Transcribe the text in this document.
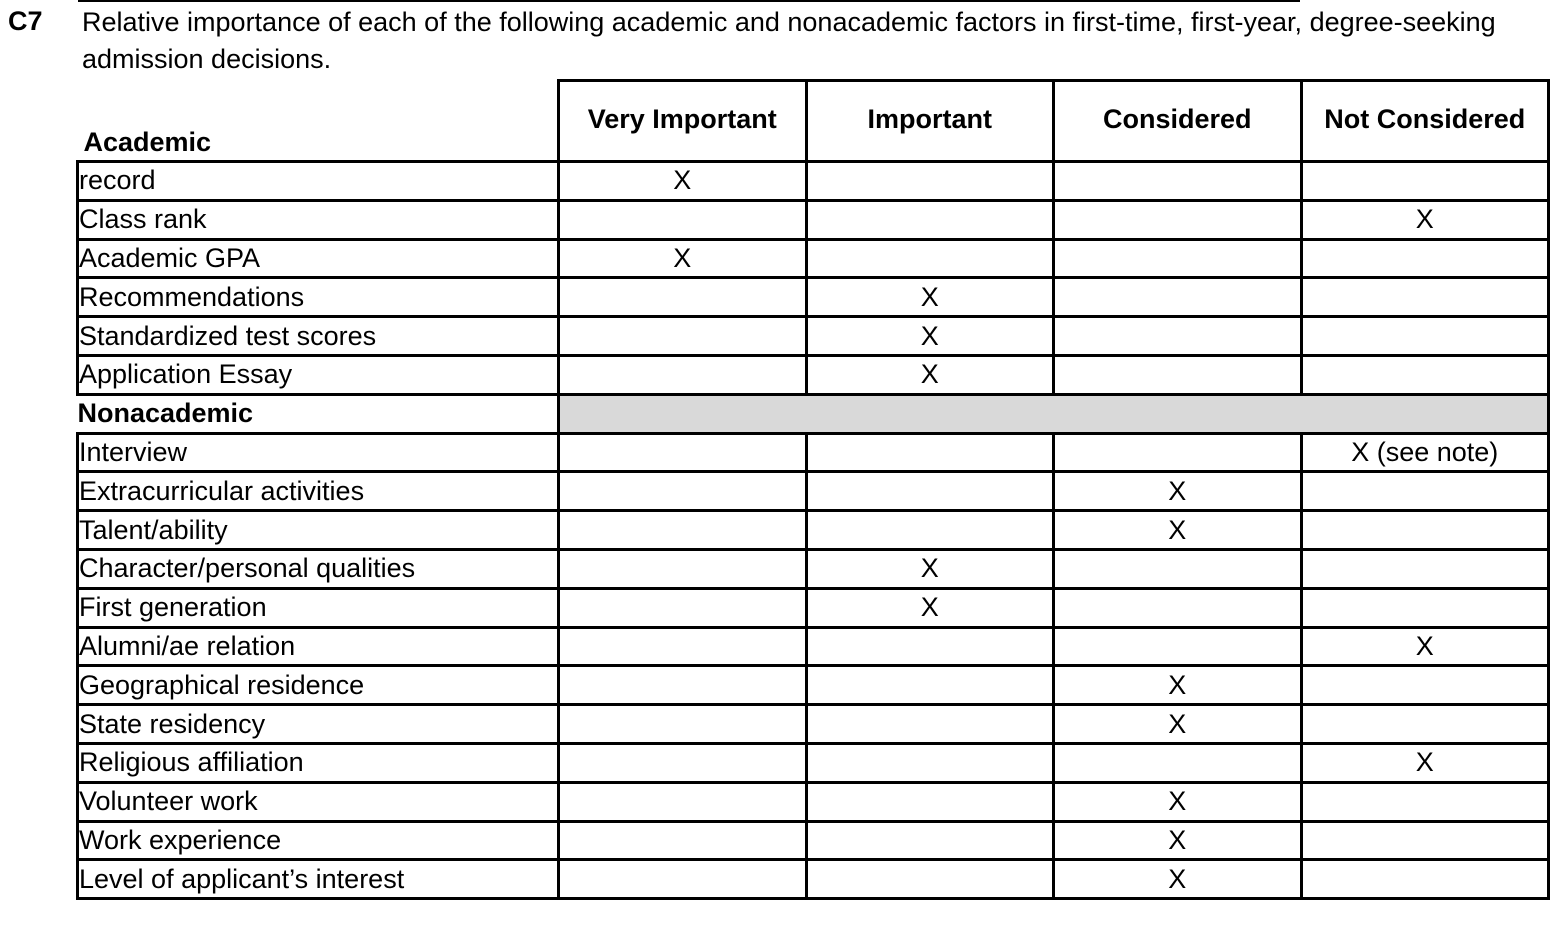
C7 Relative importance of each of the following academic and nonacademic factors in first-time, first-year, degree-seeking admission decisions.
Academic	Very Important	Important	Considered	Not Considered
record	X			
Class rank				X
Academic GPA	X			
Recommendations		X		
Standardized test scores		X		
Application Essay		X		
Nonacademic				
Interview				X (see note)
Extracurricular activities			X	
Talent/ability			X	
Character/personal qualities		X		
First generation		X		
Alumni/ae relation				X
Geographical residence			X	
State residency			X	
Religious affiliation				X
Volunteer work			X	
Work experience			X	
Level of applicant’s interest			X	
